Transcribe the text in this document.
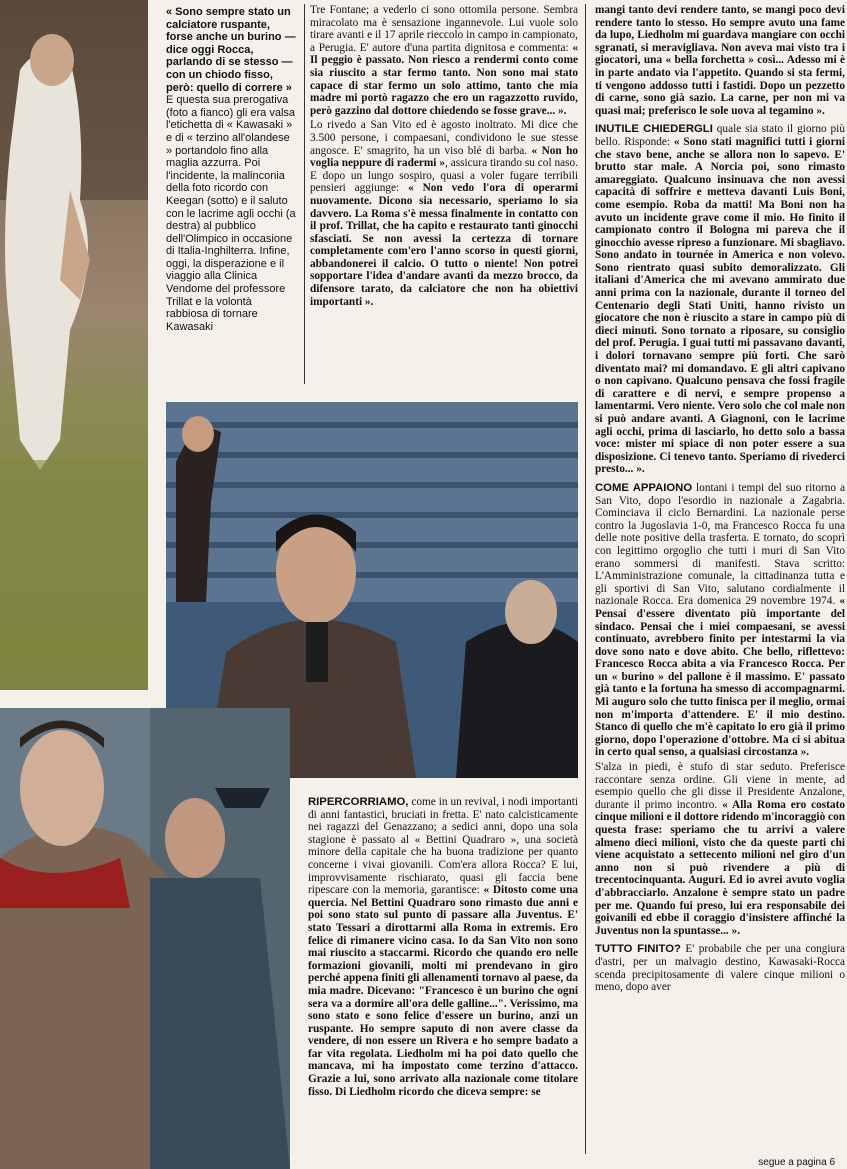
« Sono sempre stato un calciatore ruspante, forse anche un burino — dice oggi Rocca, parlando di se stesso — con un chiodo fisso, però: quello di correre » E questa sua prerogativa (foto a fianco) gli era valsa l'etichetta di « Kawasaki » e di « terzino all'olandese » portandolo fino alla maglia azzurra. Poi l'incidente, la malinconia della foto ricordo con Keegan (sotto) e il saluto con le lacrime agli occhi (a destra) al pubblico dell'Olimpico in occasione di Italia-Inghilterra. Infine, oggi, la disperazione e il viaggio alla Clinica Vendome del professore Trillat e la volontà rabbiosa di tornare Kawasaki

Tre Fontane; a vederlo ci sono ottomila persone. Sembra miracolato ma è sensazione ingannevole. Lui vuole solo tirare avanti e il 17 aprile rieccolo in campo in campionato, a Perugia. E' autore d'una partita dignitosa e commenta: « Il peggio è passato. Non riesco a rendermi conto come sia riuscito a star fermo tanto. Non sono mai stato capace di star fermo un solo attimo, tanto che mia madre mi portò ragazzo che ero un ragazzotto ruvido, però gazzino dal dottore chiedendo se fosse grave... ».

Lo rivedo a San Vito ed è agosto inoltrato. Mi dice che 3.500 persone, i compaesani, condividono le sue stesse angosce. E' smagrito, ha un viso blé di barba. « Non ho voglia neppure di radermi », assicura tirando su col naso. E dopo un lungo sospiro, quasi a voler fugare terribili pensieri aggiunge: « Non vedo l'ora di operarmi nuovamente. Dicono sia necessario, speriamo lo sia davvero. La Roma s'è messa finalmente in contatto con il prof. Trillat, che ha capito e restaurato tanti ginocchi sfasciati. Se non avessi la certezza di tornare completamente com'ero l'anno scorso in questi giorni, abbandonerei il calcio. O tutto o niente! Non potrei sopportare l'idea d'andare avanti da mezzo brocco, da difensore tarato, da calciatore che non ha obiettivi importanti ».

RIPERCORRIAMO, come in un revival, i nodi importanti di anni fantastici, bruciati in fretta. E' nato calcisticamente nei ragazzi del Genazzano; a sedici anni, dopo una sola stagione è passato al « Bettini Quadraro », una società minore della capitale che ha buona tradizione per quanto concerne i vivai giovanili. Com'era allora Rocca? E lui, improvvisamente rischiarato, quasi gli faccia bene ripescare con la memoria, garantisce: « Ditosto come una quercia. Nel Bettini Quadraro sono rimasto due anni e poi sono stato sul punto di passare alla Juventus. E' stato Tessari a dirottarmi alla Roma in extremis. Ero felice di rimanere vicino casa. Io da San Vito non sono mai riuscito a staccarmi. Ricordo che quando ero nelle formazioni giovanili, molti mi prendevano in giro perché appena finiti gli allenamenti tornavo al paese, da mia madre. Dicevano: "Francesco è un burino che ogni sera va a dormire all'ora delle galline...". Verissimo, ma sono stato e sono felice d'essere un burino, anzi un ruspante. Ho sempre saputo di non avere classe da vendere, di non essere un Rivera e ho sempre badato a far vita regolata. Liedholm mi ha poi dato quello che mancava, mi ha impostato come terzino d'attacco. Grazie a lui, sono arrivato alla nazionale come titolare fisso. Di Liedholm ricordo che diceva sempre: se

mangi tanto devi rendere tanto, se mangi poco devi rendere tanto lo stesso. Ho sempre avuto una fame da lupo, Liedholm mi guardava mangiare con occhi sgranati, si meravigliava. Non aveva mai visto tra i giocatori, una « bella forchetta » così... Adesso mi è in parte andato via l'appetito. Quando si sta fermi, ti vengono addosso tutti i fastidi. Dopo un pezzetto di carne, sono già sazio. La carne, per non mi va quasi mai; preferisco le sole uova al tegamino ».

INUTILE CHIEDERGLI quale sia stato il giorno più bello. Risponde: « Sono stati magnifici tutti i giorni che stavo bene, anche se allora non lo sapevo. E' brutto star male. A Norcia poi, sono rimasto amareggiato. Qualcuno insinuava che non avessi capacità di soffrire e metteva davanti Luis Boni, come esempio. Roba da matti! Ma Boni non ha avuto un incidente grave come il mio. Ho finito il campionato contro il Bologna mi pareva che il ginocchio avesse ripreso a funzionare. Mi sbagliavo. Sono andato in tournée in America e non volevo. Sono rientrato quasi subito demoralizzato. Gli italiani d'America che mi avevano ammirato due anni prima con la nazionale, durante il torneo del Centenario degli Stati Uniti, hanno rivisto un giocatore che non è riuscito a stare in campo più di dieci minuti. Sono tornato a riposare, su consiglio del prof. Perugia. I guai tutti mi passavano davanti, i dolori tornavano sempre più forti. Che sarò diventato mai? mi domandavo. E gli altri capivano o non capivano. Qualcuno pensava che fossi fragile di carattere e di nervi, e sempre propenso a lamentarmi. Vero niente. Vero solo che col male non si può andare avanti. A Giagnoni, con le lacrime agli occhi, prima di lasciarlo, ho detto solo a bassa voce: mister mi spiace di non poter essere a sua disposizione. Ci tenevo tanto. Speriamo di rivederci presto... ».

COME APPAIONO lontani i tempi del suo ritorno a San Vito, dopo l'esordio in nazionale a Zagabria. Cominciava il ciclo Bernardini. La nazionale perse contro la Jugoslavia 1-0, ma Francesco Rocca fu una delle note positive della trasferta. E tornato, do scoprì con legittimo orgoglio che tutti i muri di San Vito erano sommersi di manifesti. Stava scritto: L'Amministrazione comunale, la cittadinanza tutta e gli sportivi di San Vito, salutano cordialmente il nazionale Rocca. Era domenica 29 novembre 1974. « Pensai d'essere diventato più importante del sindaco. Pensai che i miei compaesani, se avessi continuato, avrebbero finito per intestarmi la via dove sono nato e dove abito. Che bello, riflettevo: Francesco Rocca abita a via Francesco Rocca. Per un « burino » del pallone è il massimo. E' passato già tanto e la fortuna ha smesso di accompagnarmi. Mi auguro solo che tutto finisca per il meglio, ormai non m'importa d'attendere. E' il mio destino. Stanco di quello che m'è capitato lo ero già il primo giorno, dopo l'operazione d'ottobre. Ma ci si abitua in certo qual senso, a qualsiasi circostanza ».

S'alza in piedi, è stufo di star seduto. Preferisce raccontare senza ordine. Gli viene in mente, ad esempio quello che gli disse il Presidente Anzalone, durante il primo incontro. « Alla Roma ero costato cinque milioni e il dottore ridendo m'incoraggiò con questa frase: speriamo che tu arrivi a valere almeno dieci milioni, visto che da queste parti chi viene acquistato a settecento milioni nel giro d'un anno non si può rivendere a più di trecentocinquanta. Auguri. Ed io avrei avuto voglia d'abbracciarlo. Anzalone è sempre stato un padre per me. Quando fui preso, lui era responsabile dei goivanili ed ebbe il coraggio d'insistere affinché la Juventus non la spuntasse... ».

TUTTO FINITO? E' probabile che per una congiura d'astri, per un malvagio destino, Kawasaki-Rocca scenda precipitosamente di valere cinque milioni o meno, dopo aver

segue a pagina 6
